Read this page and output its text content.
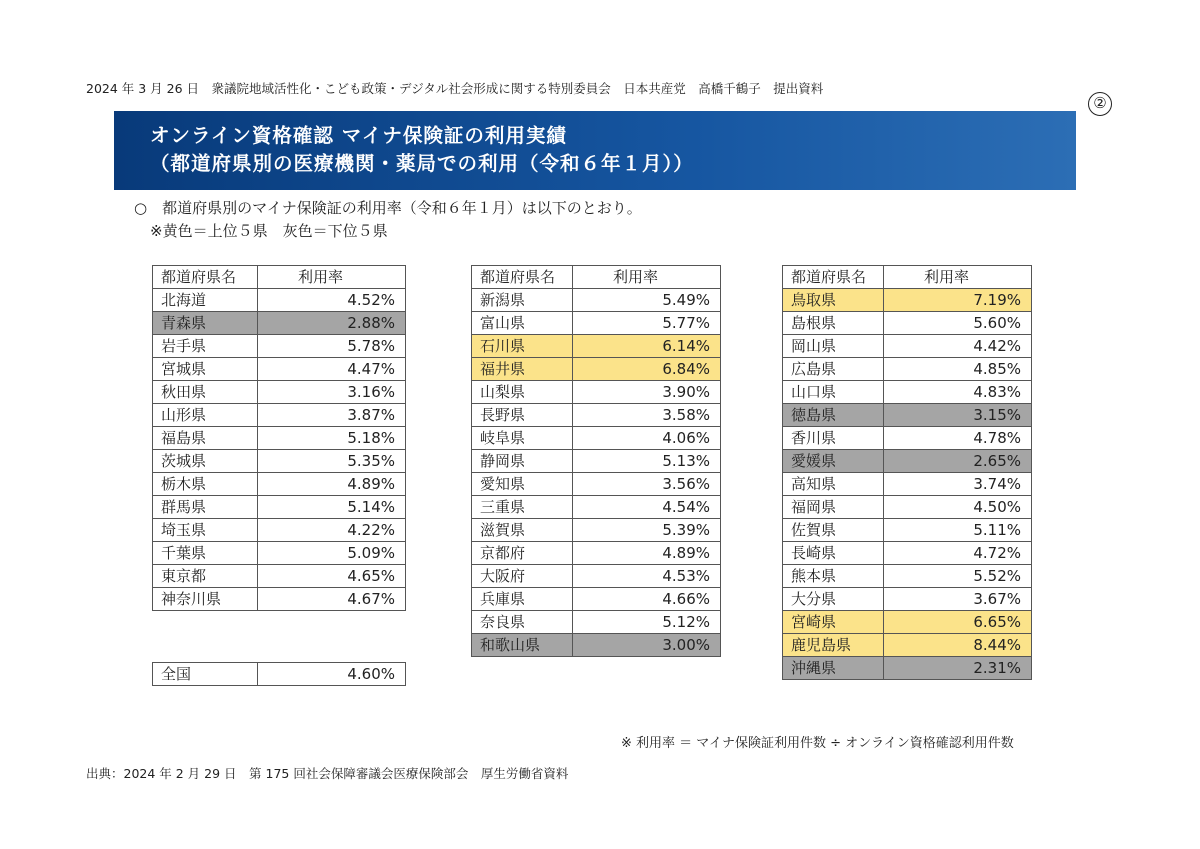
2024 年 3 月 26 日　衆議院地域活性化・こども政策・デジタル社会形成に関する特別委員会　日本共産党　高橋千鶴子　提出資料
②
オンライン資格確認 マイナ保険証の利用実績
（都道府県別の医療機関・薬局での利用（令和６年１月））
○　都道府県別のマイナ保険証の利用率（令和６年１月）は以下のとおり。
※黄色＝上位５県　灰色＝下位５県
都道府県名	利用率
北海道	4.52%
青森県	2.88%
岩手県	5.78%
宮城県	4.47%
秋田県	3.16%
山形県	3.87%
福島県	5.18%
茨城県	5.35%
栃木県	4.89%
群馬県	5.14%
埼玉県	4.22%
千葉県	5.09%
東京都	4.65%
神奈川県	4.67%
都道府県名	利用率
新潟県	5.49%
富山県	5.77%
石川県	6.14%
福井県	6.84%
山梨県	3.90%
長野県	3.58%
岐阜県	4.06%
静岡県	5.13%
愛知県	3.56%
三重県	4.54%
滋賀県	5.39%
京都府	4.89%
大阪府	4.53%
兵庫県	4.66%
奈良県	5.12%
和歌山県	3.00%
都道府県名	利用率
鳥取県	7.19%
島根県	5.60%
岡山県	4.42%
広島県	4.85%
山口県	4.83%
徳島県	3.15%
香川県	4.78%
愛媛県	2.65%
高知県	3.74%
福岡県	4.50%
佐賀県	5.11%
長崎県	4.72%
熊本県	5.52%
大分県	3.67%
宮崎県	6.65%
鹿児島県	8.44%
沖縄県	2.31%
全国	4.60%
※ 利用率 ＝ マイナ保険証利用件数 ÷ オンライン資格確認利用件数
出典：2024 年 2 月 29 日　第 175 回社会保障審議会医療保険部会　厚生労働省資料
